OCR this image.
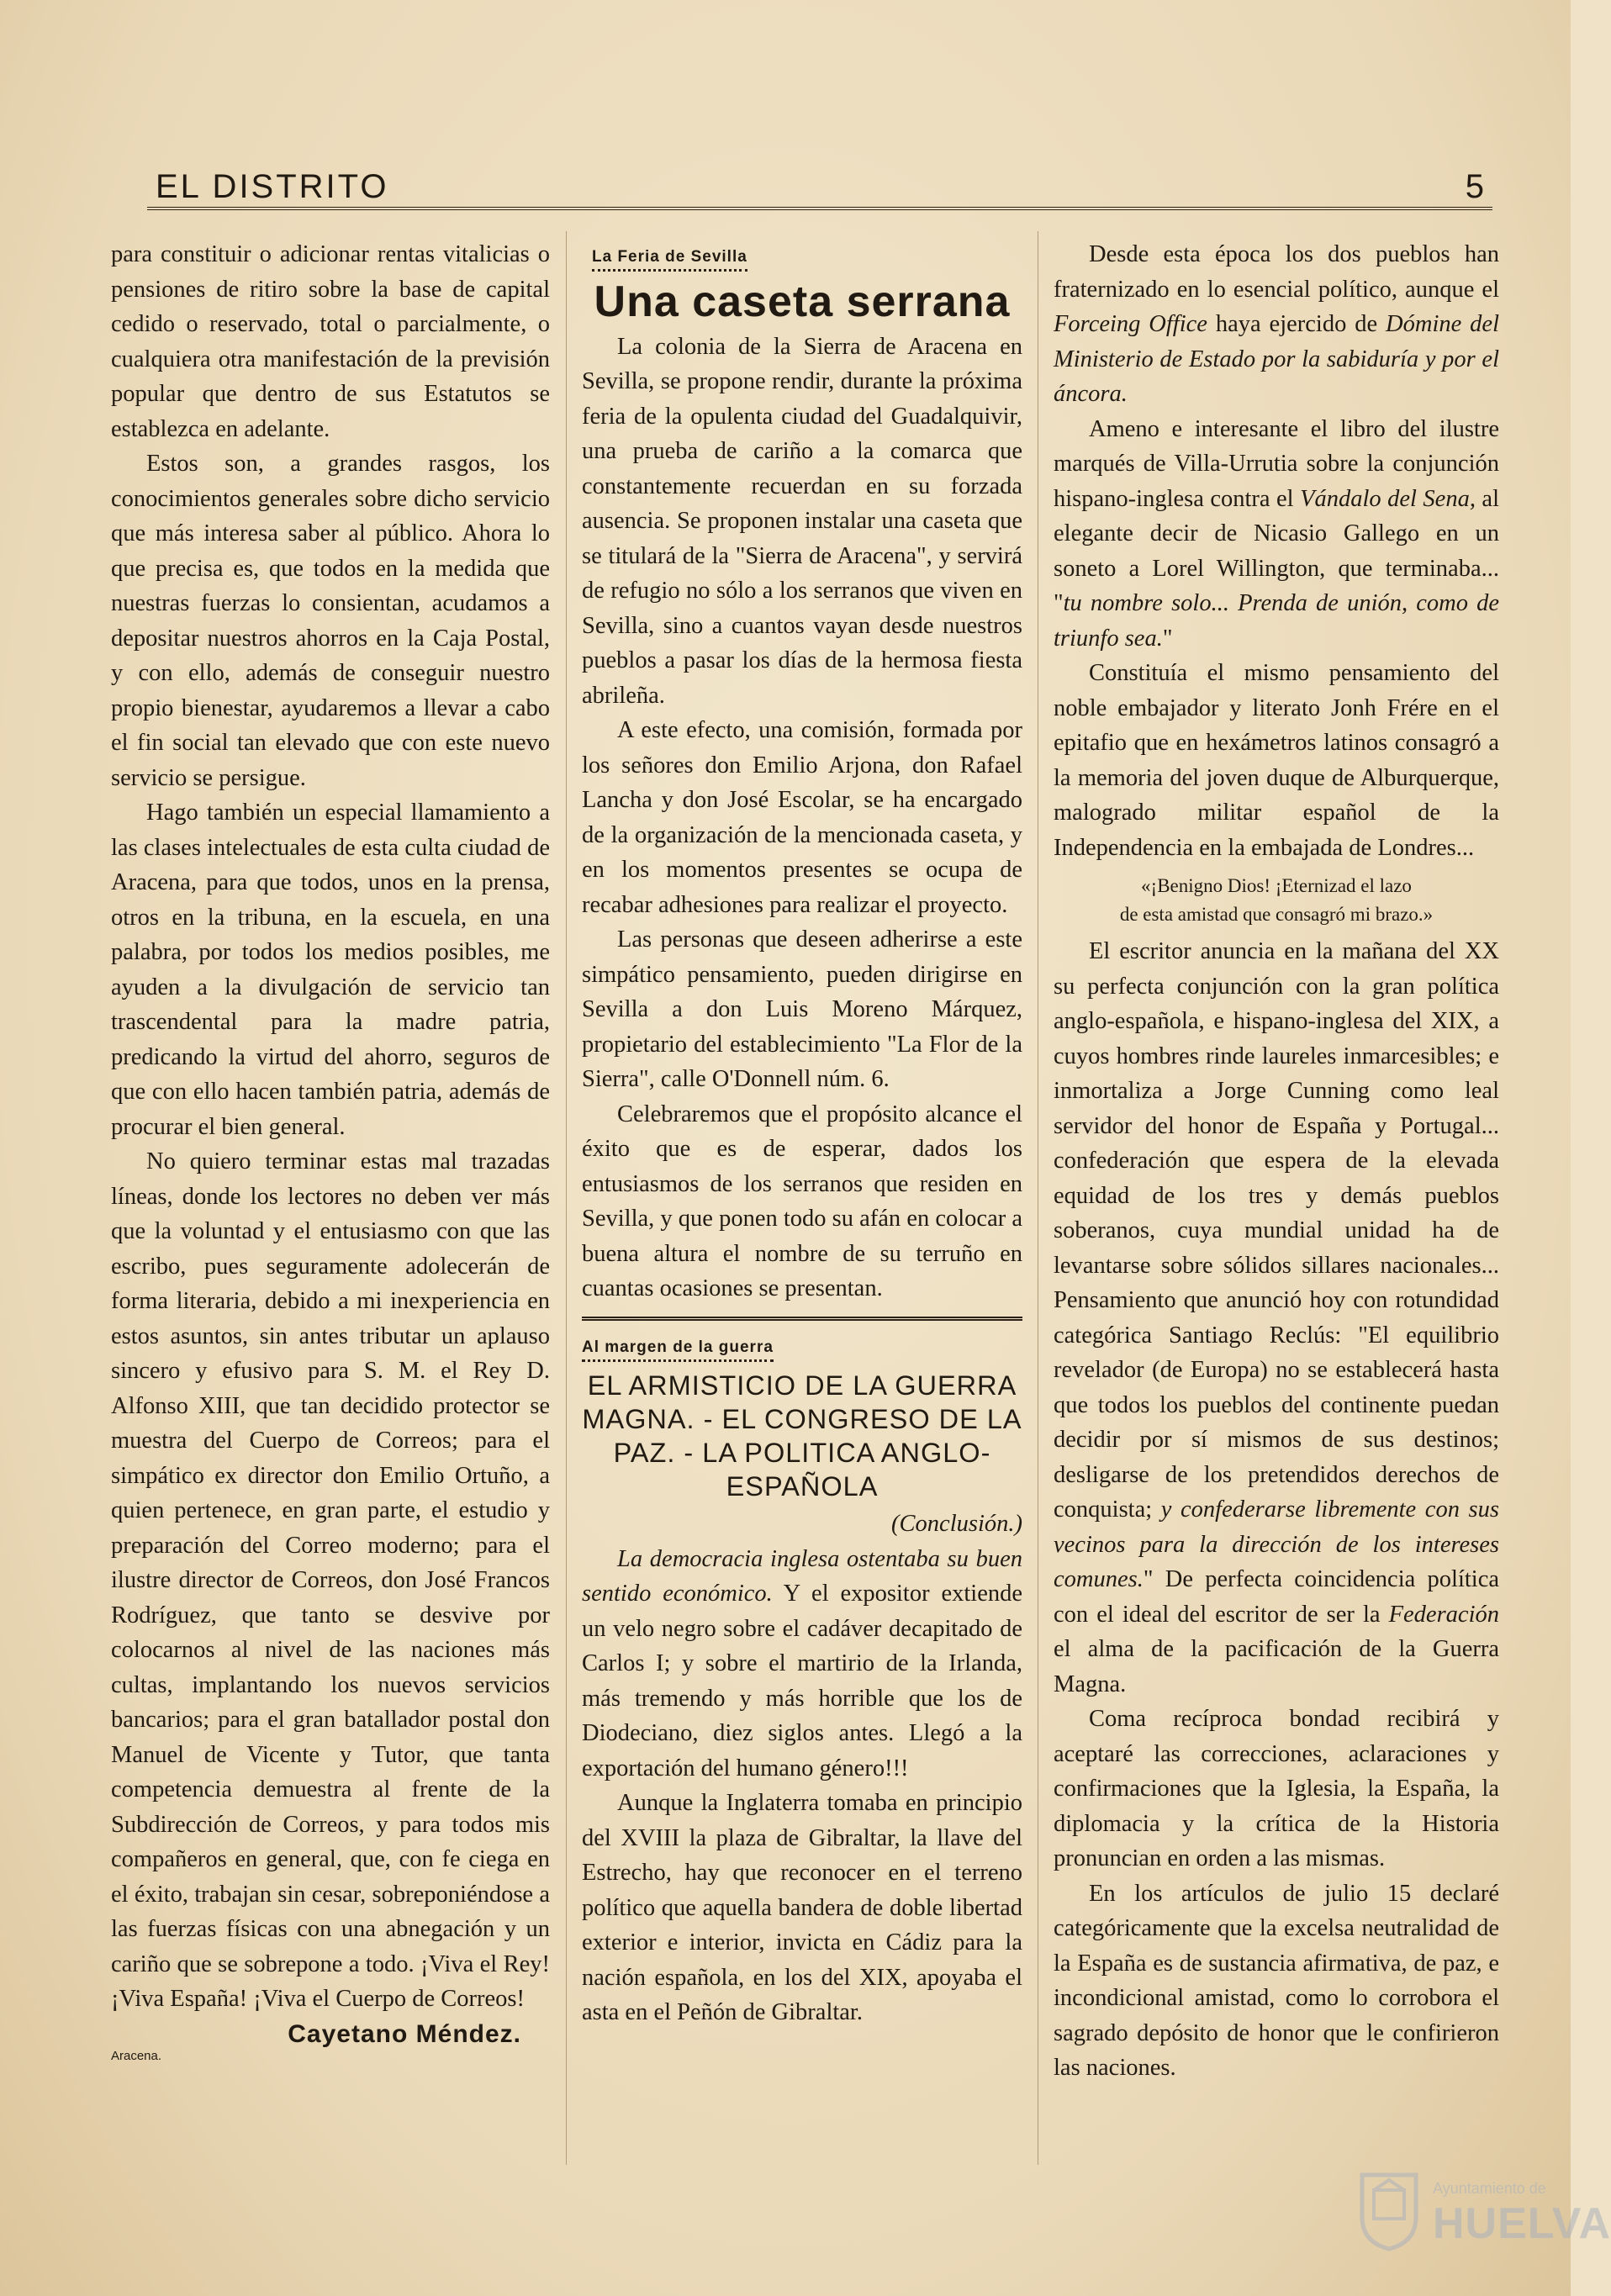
EL DISTRITO	5

para constituir o adicionar rentas vitalicias o pensiones de ritiro sobre la base de capital cedido o reservado, total o parcialmente, o cualquiera otra manifestación de la previsión popular que dentro de sus Estatutos se establezca en adelante.

Estos son, a grandes rasgos, los conocimientos generales sobre dicho servicio que más interesa saber al público. Ahora lo que precisa es, que todos en la medida que nuestras fuerzas lo consientan, acudamos a depositar nuestros ahorros en la Caja Postal, y con ello, además de conseguir nuestro propio bienestar, ayudaremos a llevar a cabo el fin social tan elevado que con este nuevo servicio se persigue.

Hago también un especial llamamiento a las clases intelectuales de esta culta ciudad de Aracena, para que todos, unos en la prensa, otros en la tribuna, en la escuela, en una palabra, por todos los medios posibles, me ayuden a la divulgación de servicio tan trascendental para la madre patria, predicando la virtud del ahorro, seguros de que con ello hacen también patria, además de procurar el bien general.

No quiero terminar estas mal trazadas líneas, donde los lectores no deben ver más que la voluntad y el entusiasmo con que las escribo, pues seguramente adolecerán de forma literaria, debido a mi inexperiencia en estos asuntos, sin antes tributar un aplauso sincero y efusivo para S. M. el Rey D. Alfonso XIII, que tan decidido protector se muestra del Cuerpo de Correos; para el simpático ex director don Emilio Ortuño, a quien pertenece, en gran parte, el estudio y preparación del Correo moderno; para el ilustre director de Correos, don José Francos Rodríguez, que tanto se desvive por colocarnos al nivel de las naciones más cultas, implantando los nuevos servicios bancarios; para el gran batallador postal don Manuel de Vicente y Tutor, que tanta competencia demuestra al frente de la Subdirección de Correos, y para todos mis compañeros en general, que, con fe ciega en el éxito, trabajan sin cesar, sobreponiéndose a las fuerzas físicas con una abnegación y un cariño que se sobrepone a todo. ¡Viva el Rey! ¡Viva España! ¡Viva el Cuerpo de Correos!

Cayetano Méndez.
Aracena.
La Feria de Sevilla
Una caseta serrana

La colonia de la Sierra de Aracena en Sevilla, se propone rendir, durante la próxima feria de la opulenta ciudad del Guadalquivir, una prueba de cariño a la comarca que constantemente recuerdan en su forzada ausencia. Se proponen instalar una caseta que se titulará de la "Sierra de Aracena", y servirá de refugio no sólo a los serranos que viven en Sevilla, sino a cuantos vayan desde nuestros pueblos a pasar los días de la hermosa fiesta abrileña.

A este efecto, una comisión, formada por los señores don Emilio Arjona, don Rafael Lancha y don José Escolar, se ha encargado de la organización de la mencionada caseta, y en los momentos presentes se ocupa de recabar adhesiones para realizar el proyecto.

Las personas que deseen adherirse a este simpático pensamiento, pueden dirigirse en Sevilla a don Luis Moreno Márquez, propietario del establecimiento "La Flor de la Sierra", calle O'Donnell núm. 6.

Celebraremos que el propósito alcance el éxito que es de esperar, dados los entusiasmos de los serranos que residen en Sevilla, y que ponen todo su afán en colocar a buena altura el nombre de su terruño en cuantas ocasiones se presentan.

Al margen de la guerra
EL ARMISTICIO DE LA GUERRA MAGNA. - EL CONGRESO DE LA PAZ. - LA POLITICA ANGLO-ESPAÑOLA

(Conclusión.)

La democracia inglesa ostentaba su buen sentido económico. Y el expositor extiende un velo negro sobre el cadáver decapitado de Carlos I; y sobre el martirio de la Irlanda, más tremendo y más horrible que los de Diodeciano, diez siglos antes. Llegó a la exportación del humano género!!!

Aunque la Inglaterra tomaba en principio del XVIII la plaza de Gibraltar, la llave del Estrecho, hay que reconocer en el terreno político que aquella bandera de doble libertad exterior e interior, invicta en Cádiz para la nación española, en los del XIX, apoyaba el asta en el Peñón de Gibraltar.

Desde esta época los dos pueblos han fraternizado en lo esencial político, aunque el Forceing Office haya ejercido de Dómine del Ministerio de Estado por la sabiduría y por el áncora.

Ameno e interesante el libro del ilustre marqués de Villa-Urrutia sobre la conjunción hispano-inglesa contra el Vándalo del Sena, al elegante decir de Nicasio Gallego en un soneto a Lorel Willington, que terminaba... "tu nombre solo... Prenda de unión, como de triunfo sea."

Constituía el mismo pensamiento del noble embajador y literato Jonh Frére en el epitafio que en hexámetros latinos consagró a la memoria del joven duque de Alburquerque, malogrado militar español de la Independencia en la embajada de Londres...

«¡Benigno Dios! ¡Eternizad el lazo
de esta amistad que consagró mi brazo.»

El escritor anuncia en la mañana del XX su perfecta conjunción con la gran política anglo-española, e hispano-inglesa del XIX, a cuyos hombres rinde laureles inmarcesibles; e inmortaliza a Jorge Cunning como leal servidor del honor de España y Portugal... confederación que espera de la elevada equidad de los tres y demás pueblos soberanos, cuya mundial unidad ha de levantarse sobre sólidos sillares nacionales... Pensamiento que anunció hoy con rotundidad categórica Santiago Reclús: "El equilibrio revelador (de Europa) no se establecerá hasta que todos los pueblos del continente puedan decidir por sí mismos de sus destinos; desligarse de los pretendidos derechos de conquista; y confederarse libremente con sus vecinos para la dirección de los intereses comunes." De perfecta coincidencia política con el ideal del escritor de ser la Federación el alma de la pacificación de la Guerra Magna.

Coma recíproca bondad recibirá y aceptaré las correcciones, aclaraciones y confirmaciones que la Iglesia, la España, la diplomacia y la crítica de la Historia pronuncian en orden a las mismas.

En los artículos de julio 15 declaré categóricamente que la excelsa neutralidad de la España es de sustancia afirmativa, de paz, e incondicional amistad, como lo corrobora el sagrado depósito de honor que le confirieron las naciones.

Ayuntamiento de
HUELVA
